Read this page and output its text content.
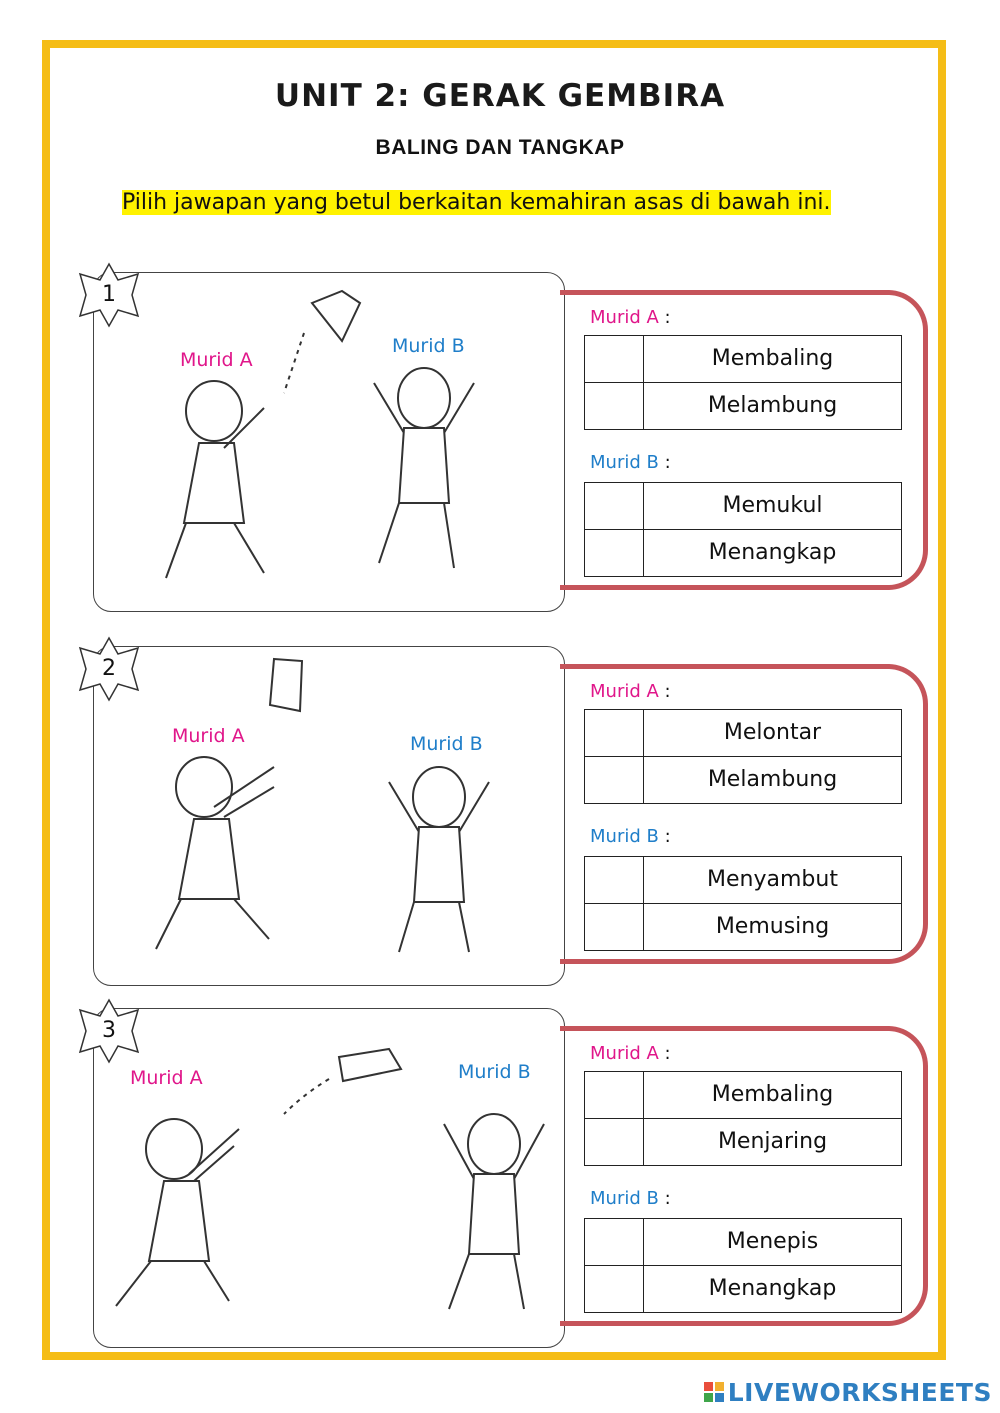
UNIT 2: GERAK GEMBIRA
BALING DAN TANGKAP
Pilih jawapan yang betul berkaitan kemahiran asas di bawah ini.
Murid A
Murid B
1
Murid A :
Membaling
Melambung
Murid B :
Memukul
Menangkap
Murid A	Murid B
2
Murid A :
Melontar
Melambung
Murid B :
Menyambut
Memusing
Murid A	Murid B
3
Murid A :
Membaling
Menjaring
Murid B :
Menepis
Menangkap
LIVEWORKSHEETS
